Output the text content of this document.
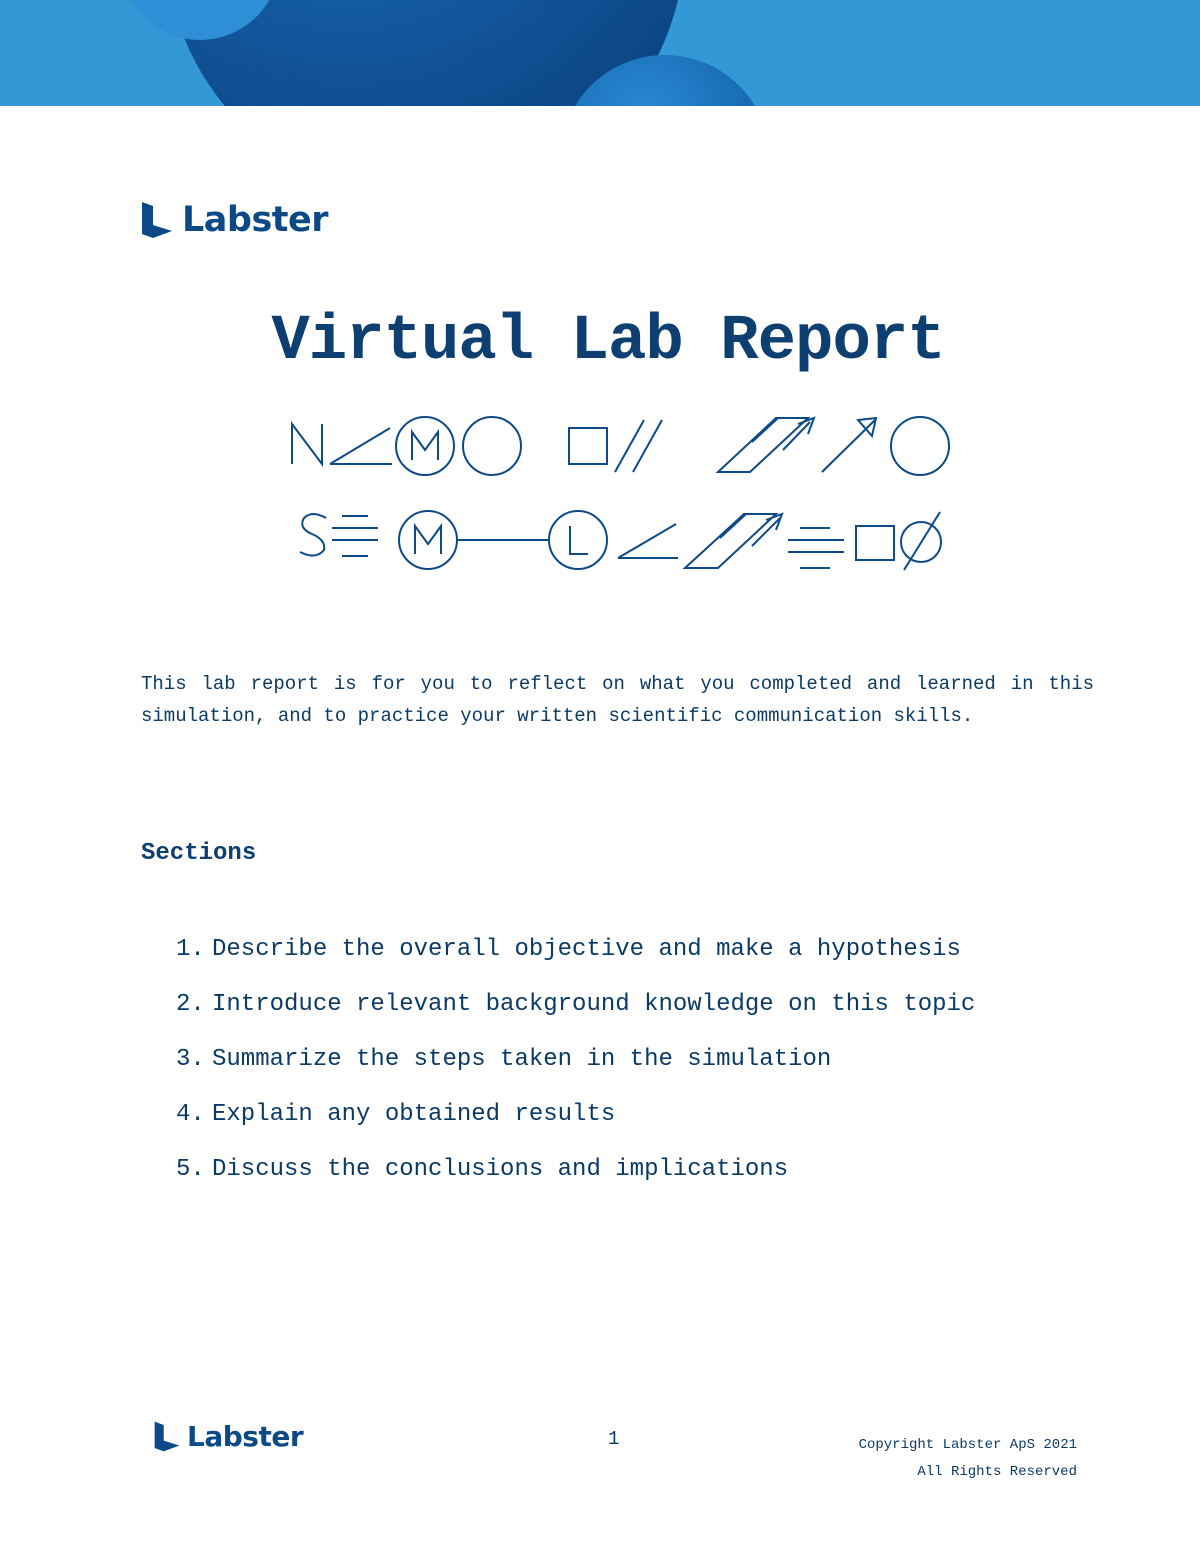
Labster
Virtual Lab Report

This lab report is for you to reflect on what you completed and learned in this simulation, and to practice your written scientific communication skills.

Sections
1. Describe the overall objective and make a hypothesis
2. Introduce relevant background knowledge on this topic
3. Summarize the steps taken in the simulation
4. Explain any obtained results
5. Discuss the conclusions and implications
Labster	1	Copyright Labster ApS 2021
All Rights Reserved
